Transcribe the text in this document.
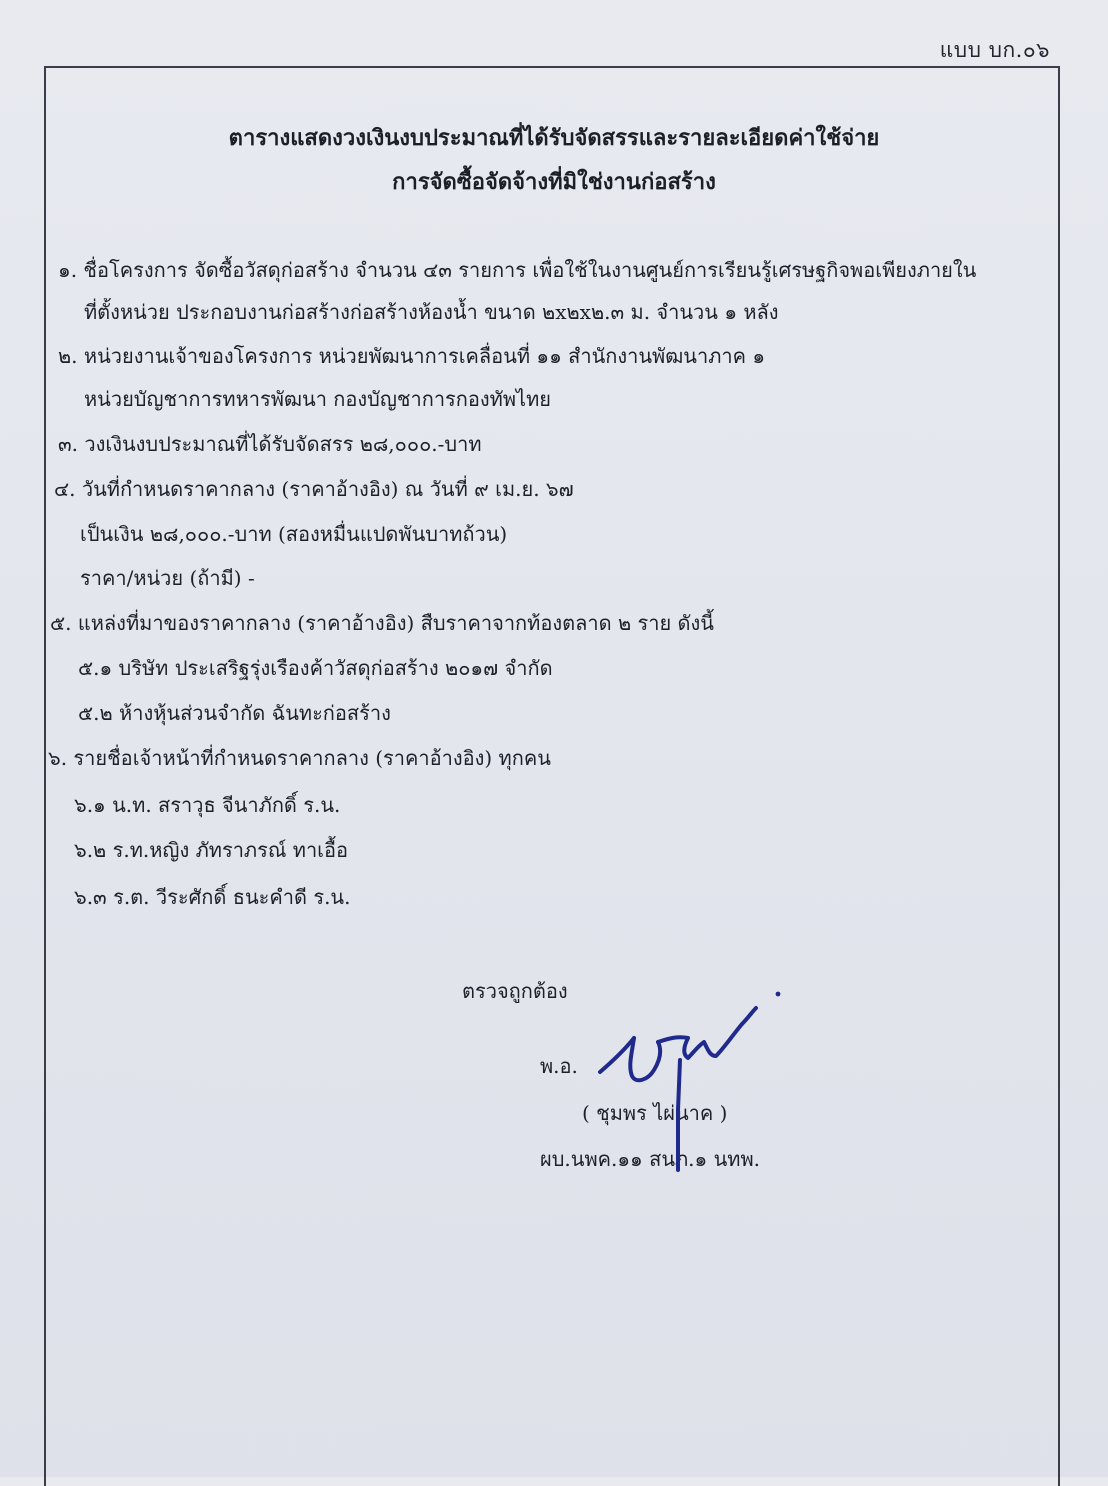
แบบ บก.๐๖
ตารางแสดงวงเงินงบประมาณที่ได้รับจัดสรรและรายละเอียดค่าใช้จ่าย
การจัดซื้อจัดจ้างที่มิใช่งานก่อสร้าง
๑. ชื่อโครงการ จัดซื้อวัสดุก่อสร้าง จำนวน ๔๓ รายการ เพื่อใช้ในงานศูนย์การเรียนรู้เศรษฐกิจพอเพียงภายใน
ที่ตั้งหน่วย ประกอบงานก่อสร้างก่อสร้างห้องน้ำ ขนาด ๒x๒x๒.๓ ม. จำนวน ๑ หลัง
๒. หน่วยงานเจ้าของโครงการ หน่วยพัฒนาการเคลื่อนที่ ๑๑ สำนักงานพัฒนาภาค ๑
หน่วยบัญชาการทหารพัฒนา กองบัญชาการกองทัพไทย
๓. วงเงินงบประมาณที่ได้รับจัดสรร ๒๘,๐๐๐.-บาท
๔. วันที่กำหนดราคากลาง (ราคาอ้างอิง) ณ วันที่ ๙ เม.ย. ๖๗
เป็นเงิน ๒๘,๐๐๐.-บาท (สองหมื่นแปดพันบาทถ้วน)
ราคา/หน่วย (ถ้ามี) -
๕. แหล่งที่มาของราคากลาง (ราคาอ้างอิง) สืบราคาจากท้องตลาด ๒ ราย ดังนี้
๕.๑ บริษัท ประเสริฐรุ่งเรืองค้าวัสดุก่อสร้าง ๒๐๑๗ จำกัด
๕.๒ ห้างหุ้นส่วนจำกัด ฉันทะก่อสร้าง
๖. รายชื่อเจ้าหน้าที่กำหนดราคากลาง (ราคาอ้างอิง) ทุกคน
๖.๑ น.ท. สราวุธ จีนาภักดิ์ ร.น.
๖.๒ ร.ท.หญิง ภัทราภรณ์ ทาเอื้อ
๖.๓ ร.ต. วีระศักดิ์ ธนะคำดี ร.น.
ตรวจถูกต้อง
พ.อ.
( ชุมพร ไผ่นาค )
ผบ.นพค.๑๑ สนภ.๑ นทพ.
